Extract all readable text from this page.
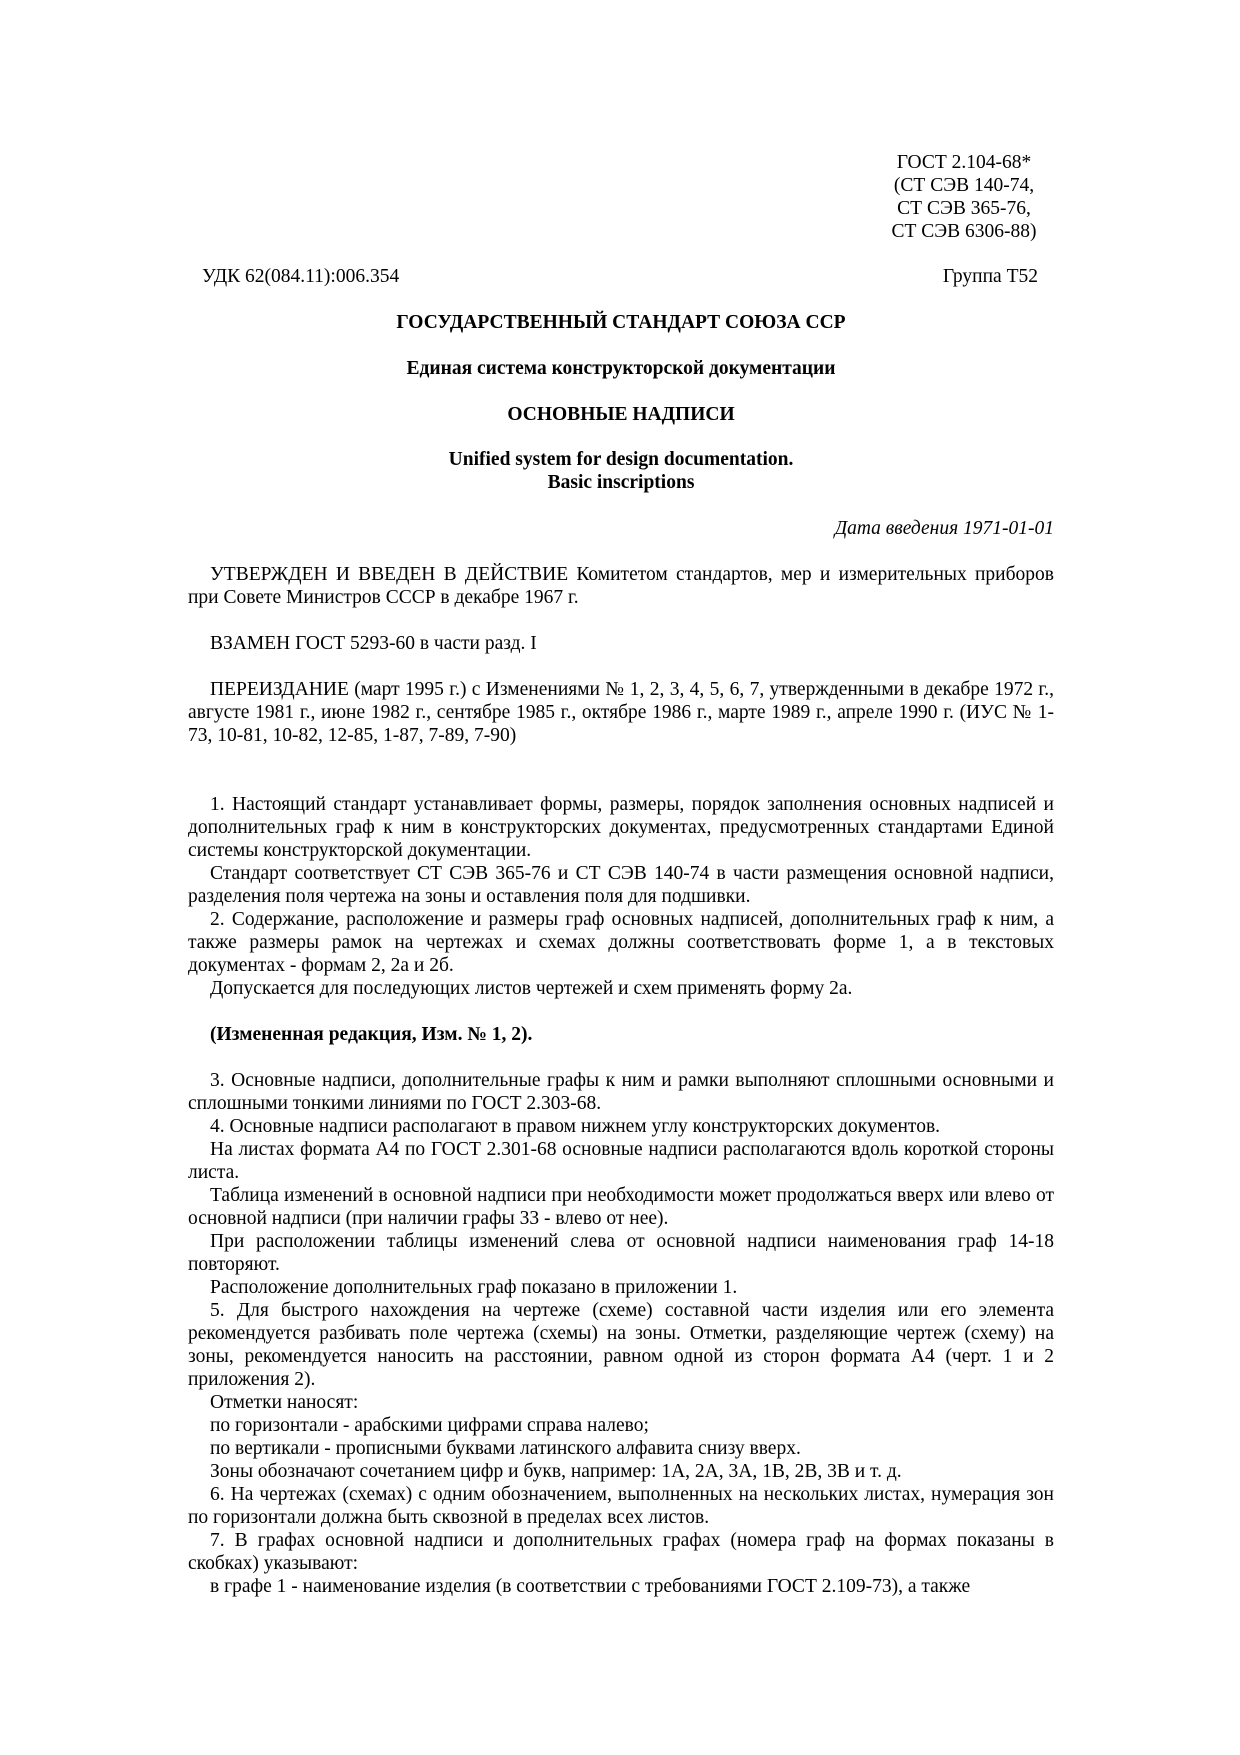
ГОСТ 2.104-68*
(СТ СЭВ 140-74,
СТ СЭВ 365-76,
СТ СЭВ 6306-88)
УДК 62(084.11):006.354	Группа Т52
ГОСУДАРСТВЕННЫЙ СТАНДАРТ СОЮЗА ССР
Единая система конструкторской документации
ОСНОВНЫЕ НАДПИСИ
Unified system for design documentation.
Basic inscriptions
Дата введения 1971-01-01

УТВЕРЖДЕН И ВВЕДЕН В ДЕЙСТВИЕ Комитетом стандартов, мер и измерительных приборов при Совете Министров СССР в декабре 1967 г.

ВЗАМЕН ГОСТ 5293-60 в части разд. I

ПЕРЕИЗДАНИЕ (март 1995 г.) с Изменениями № 1, 2, 3, 4, 5, 6, 7, утвержденными в декабре 1972 г., августе 1981 г., июне 1982 г., сентябре 1985 г., октябре 1986 г., марте 1989 г., апреле 1990 г. (ИУС № 1-73, 10-81, 10-82, 12-85, 1-87, 7-89, 7-90)

1. Настоящий стандарт устанавливает формы, размеры, порядок заполнения основных надписей и дополнительных граф к ним в конструкторских документах, предусмотренных стандартами Единой системы конструкторской документации.

Стандарт соответствует СТ СЭВ 365-76 и СТ СЭВ 140-74 в части размещения основной надписи, разделения поля чертежа на зоны и оставления поля для подшивки.

2. Содержание, расположение и размеры граф основных надписей, дополнительных граф к ним, а также размеры рамок на чертежах и схемах должны соответствовать форме 1, а в текстовых документах - формам 2, 2а и 2б.

Допускается для последующих листов чертежей и схем применять форму 2а.

(Измененная редакция, Изм. № 1, 2).

3. Основные надписи, дополнительные графы к ним и рамки выполняют сплошными основными и сплошными тонкими линиями по ГОСТ 2.303-68.

4. Основные надписи располагают в правом нижнем углу конструкторских документов.

На листах формата А4 по ГОСТ 2.301-68 основные надписи располагаются вдоль короткой стороны листа.

Таблица изменений в основной надписи при необходимости может продолжаться вверх или влево от основной надписи (при наличии графы 33 - влево от нее).

При расположении таблицы изменений слева от основной надписи наименования граф 14-18 повторяют.

Расположение дополнительных граф показано в приложении 1.

5. Для быстрого нахождения на чертеже (схеме) составной части изделия или его элемента рекомендуется разбивать поле чертежа (схемы) на зоны. Отметки, разделяющие чертеж (схему) на зоны, рекомендуется наносить на расстоянии, равном одной из сторон формата А4 (черт. 1 и 2 приложения 2).

Отметки наносят:

по горизонтали - арабскими цифрами справа налево;

по вертикали - прописными буквами латинского алфавита снизу вверх.

Зоны обозначают сочетанием цифр и букв, например: 1А, 2А, 3А, 1В, 2В, 3В и т. д.

6. На чертежах (схемах) с одним обозначением, выполненных на нескольких листах, нумерация зон по горизонтали должна быть сквозной в пределах всех листов.

7. В графах основной надписи и дополнительных графах (номера граф на формах показаны в скобках) указывают:

в графе 1 - наименование изделия (в соответствии с требованиями ГОСТ 2.109-73), а также
